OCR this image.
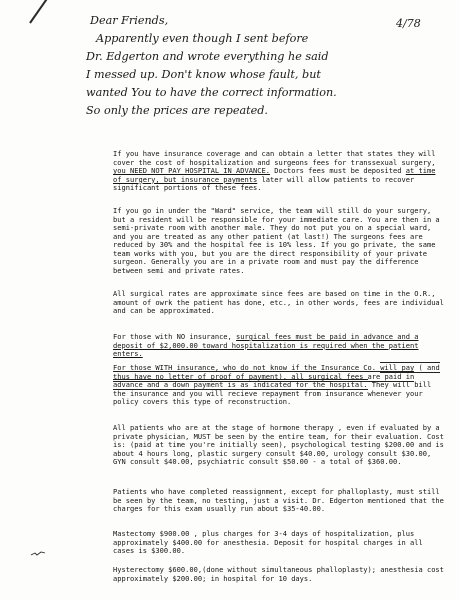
4/78
Dear Friends,
Apparently even though I sent before
Dr. Edgerton and wrote everything he said
I messed up. Don't know whose fault, but
wanted You to have the correct information.
So only the prices are repeated.

If you have insurance coverage and can obtain a letter that states they will cover the cost of hospitalization and surgeons fees for transsexual surgery, you NEED NOT PAY HOSPITAL IN ADVANCE. Doctors fees must be deposited at time of surgery, but insurance payments later will allow patients to recover significant portions of these fees.

If you go in under the "Ward" service, the team will still do your surgery, but a resident will be responsible for your immediate care. You are then in a semi-private room with another male. They do not put you on a special ward, and you are treated as any other patient (at last!) The surgeons fees are reduced by 30% and the hospital fee is 10% less. If you go private, the same team works with you, but you are the direct responsibility of your private surgeon. Generally you are in a private room and must pay the difference between semi and private rates.

All surgical rates are approximate since fees are based on time in the O.R., amount of owrk the patient has done, etc., in other words, fees are individual and can be approximated.

For those with NO insurance, surgical fees must be paid in advance and a deposit of $2,000.00 toward hospitalization is required when the patient enters.

For those WITH insurance, who do not know if the Insurance Co. will pay ( and thus have no letter of proof of payment), all surgical fees are paid in advance and a down payment is as indicated for the hospital. They will bill the insurance and you will recieve repayment from insurance whenever your policy covers this type of reconstruction.

All patients who are at the stage of hormone therapy , even if evaluated by a private physician, MUST be seen by the entire team, for their evaluation. Cost is: (paid at time you're initially seen), psychological testing $200.00 and is about 4 hours long, plastic surgery consult $40.00, urology consult $30.00, GYN consult $40.00, psychiatric consult $50.00 - a total of $360.00.

Patients who have completed reassignment, except for phalloplasty, must still be seen by the team, no testing, just a visit. Dr. Edgerton mentioned that the charges for this exam usually run about $35-40.00.

Mastectomy $900.00 , plus charges for 3-4 days of hospitalization, plus approximately $400.00 for anesthesia. Deposit for hospital charges in all cases is $300.00.

Hysterectomy $600.00,(done without simultaneous phalloplasty); anesthesia cost approximately $200.00; in hospital for 10 days.
